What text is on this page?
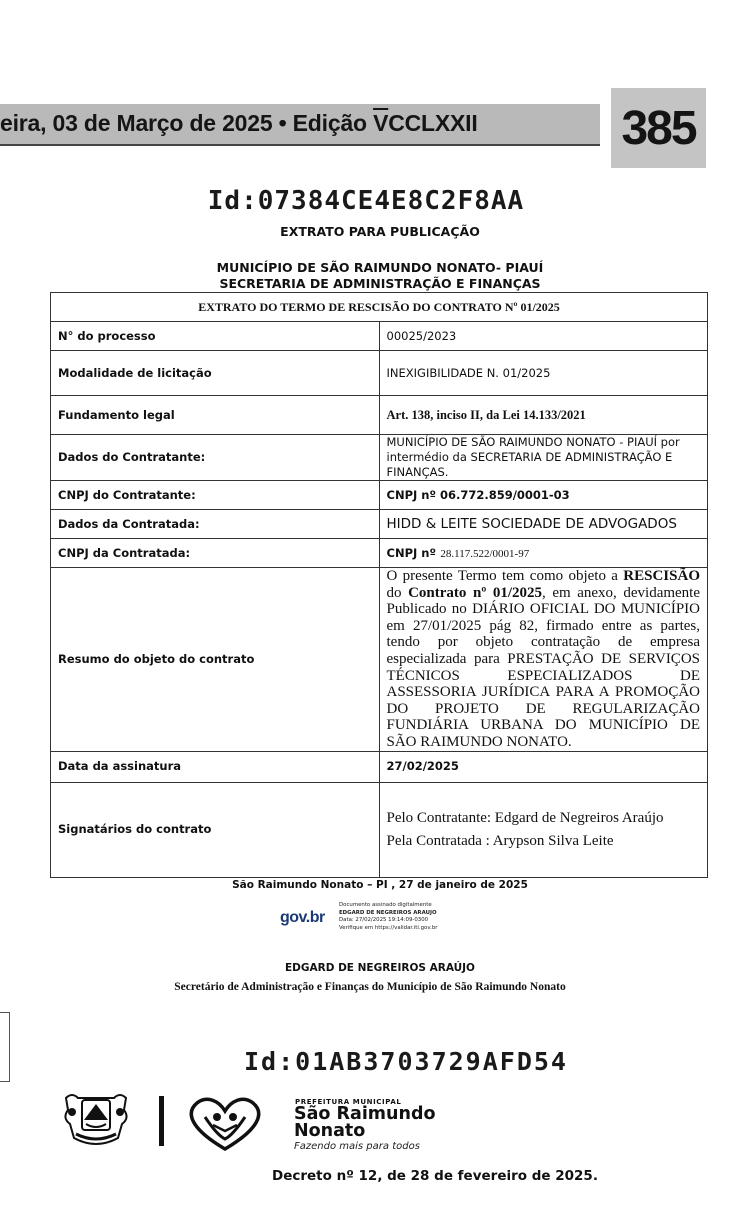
eira, 03 de Março de 2025 • Edição $\overline{V}CCLXXII$	385
Id:07384CE4E8C2F8AA
EXTRATO PARA PUBLICAÇÃO
MUNICÍPIO DE SÃO RAIMUNDO NONATO- PIAUÍ
SECRETARIA DE ADMINISTRAÇÃO E FINANÇAS
EXTRATO DO TERMO DE RESCISÃO DO CONTRATO Nº 01/2025	
N° do processo	00025/2023
Modalidade de licitação	INEXIGIBILIDADE N. 01/2025
Fundamento legal	Art. 138, inciso II, da Lei 14.133/2021
Dados do Contratante:	MUNICÍPIO DE SÃO RAIMUNDO NONATO - PIAUÍ por intermédio da SECRETARIA DE ADMINISTRAÇÃO E FINANÇAS.
CNPJ do Contratante:	CNPJ nº 06.772.859/0001-03
Dados da Contratada:	HIDD & LEITE SOCIEDADE DE ADVOGADOS
CNPJ da Contratada:	CNPJ nº 28.117.522/0001-97
Resumo do objeto do contrato	O presente Termo tem como objeto a RESCISÃO do Contrato nº 01/2025, em anexo, devidamente Publicado no DIÁRIO OFICIAL DO MUNICÍPIO em 27/01/2025 pág 82, firmado entre as partes, tendo por objeto contratação de empresa especializada para PRESTAÇÃO DE SERVIÇOS TÉCNICOS ESPECIALIZADOS DE ASSESSORIA JURÍDICA PARA A PROMOÇÃO DO PROJETO DE REGULARIZAÇÃO FUNDIÁRIA URBANA DO MUNICÍPIO DE SÃO RAIMUNDO NONATO.

Data da assinatura	27/02/2025
Signatários do contrato	Pelo Contratante: Edgard de Negreiros Araújo
Pela Contratada : Arypson Silva Leite
São Raimundo Nonato – PI , 27 de janeiro de 2025
gov.br
Documento assinado digitalmente
EDGARD DE NEGREIROS ARAUJO
Data: 27/02/2025 19:14:09-0300
Verifique em https://validar.iti.gov.br
EDGARD DE NEGREIROS ARAÚJO
Secretário de Administração e Finanças do Município de São Raimundo Nonato
Id:01AB3703729AFD54
PREFEITURA MUNICIPAL
São Raimundo
Nonato
Fazendo mais para todos
Decreto nº 12, de 28 de fevereiro de 2025.
